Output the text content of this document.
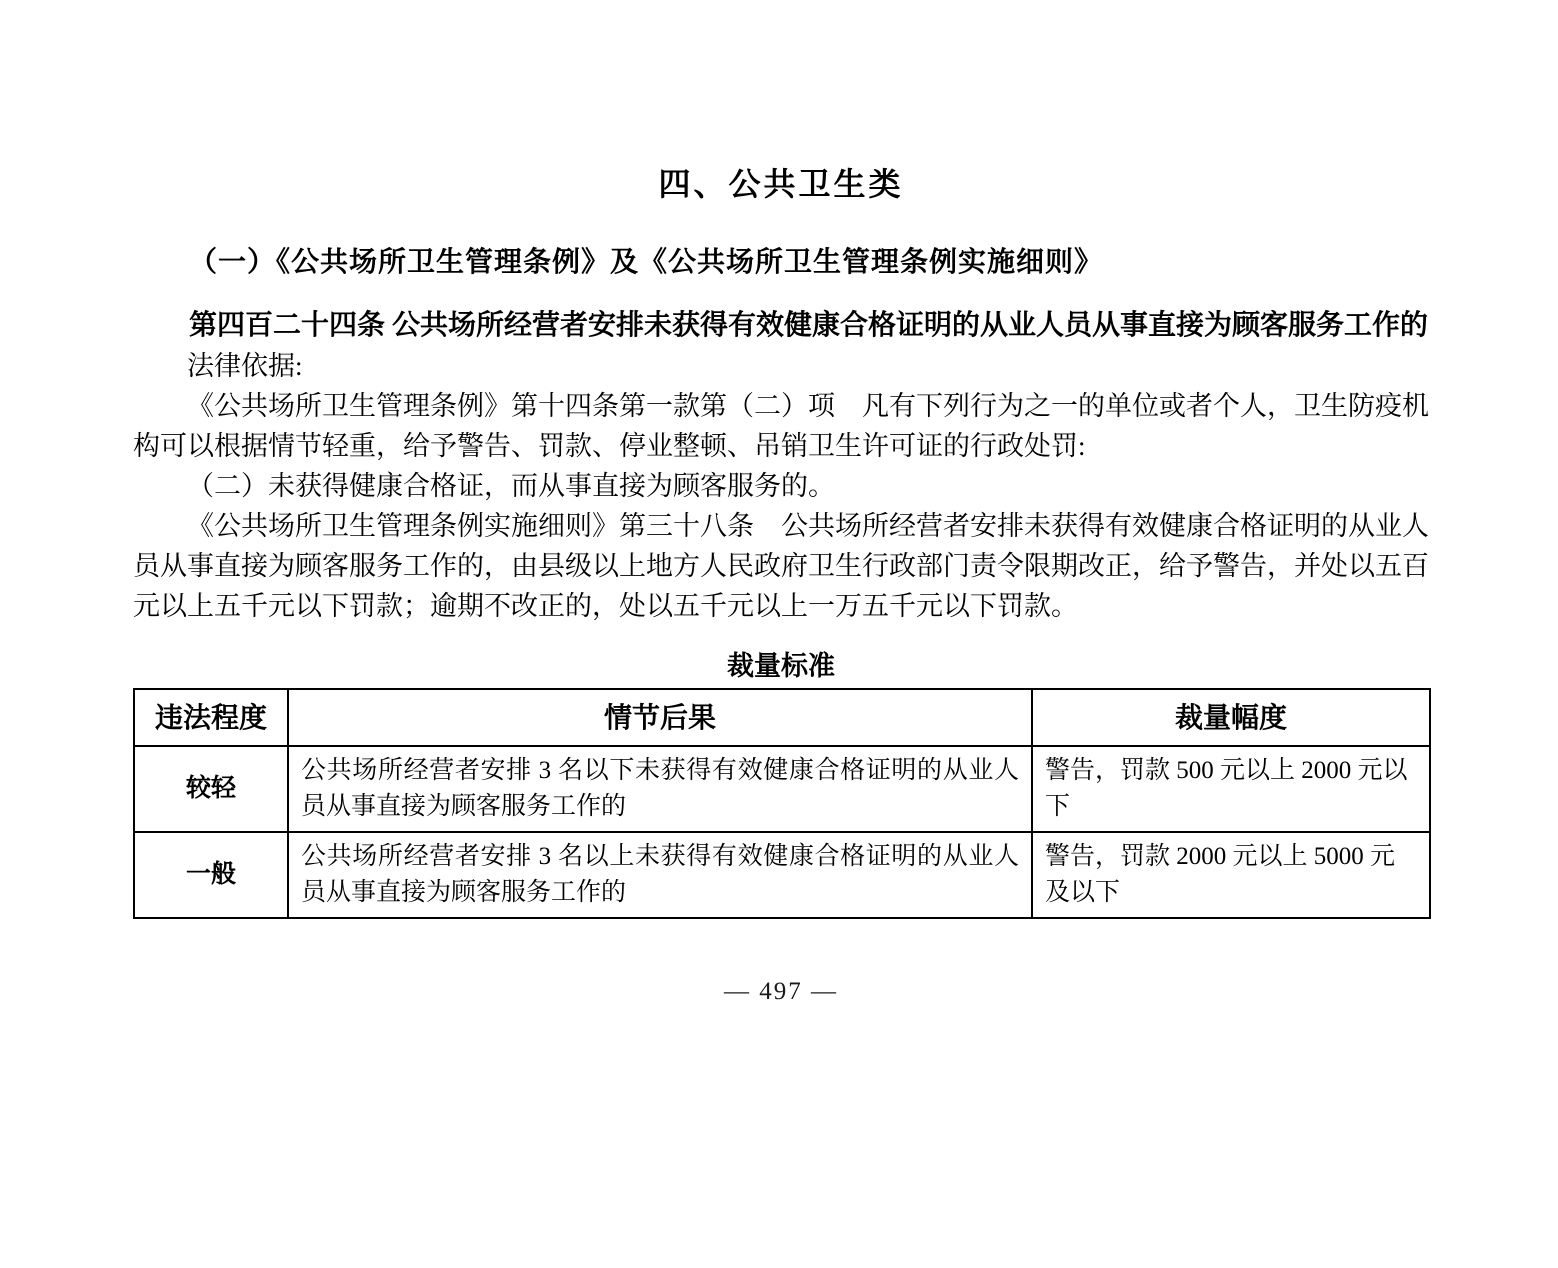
四、公共卫生类
（一）《公共场所卫生管理条例》及《公共场所卫生管理条例实施细则》

第四百二十四条 公共场所经营者安排未获得有效健康合格证明的从业人员从事直接为顾客服务工作的

法律依据:

《公共场所卫生管理条例》第十四条第一款第（二）项　凡有下列行为之一的单位或者个人，卫生防疫机构可以根据情节轻重，给予警告、罚款、停业整顿、吊销卫生许可证的行政处罚:

（二）未获得健康合格证，而从事直接为顾客服务的。

《公共场所卫生管理条例实施细则》第三十八条　公共场所经营者安排未获得有效健康合格证明的从业人员从事直接为顾客服务工作的，由县级以上地方人民政府卫生行政部门责令限期改正，给予警告，并处以五百元以上五千元以下罚款；逾期不改正的，处以五千元以上一万五千元以下罚款。

裁量标准
违法程度	情节后果	裁量幅度
较轻	公共场所经营者安排 3 名以下未获得有效健康合格证明的从业人员从事直接为顾客服务工作的	警告，罚款 500 元以上 2000 元以下
一般	公共场所经营者安排 3 名以上未获得有效健康合格证明的从业人员从事直接为顾客服务工作的	警告，罚款 2000 元以上 5000 元及以下
— 497 —
